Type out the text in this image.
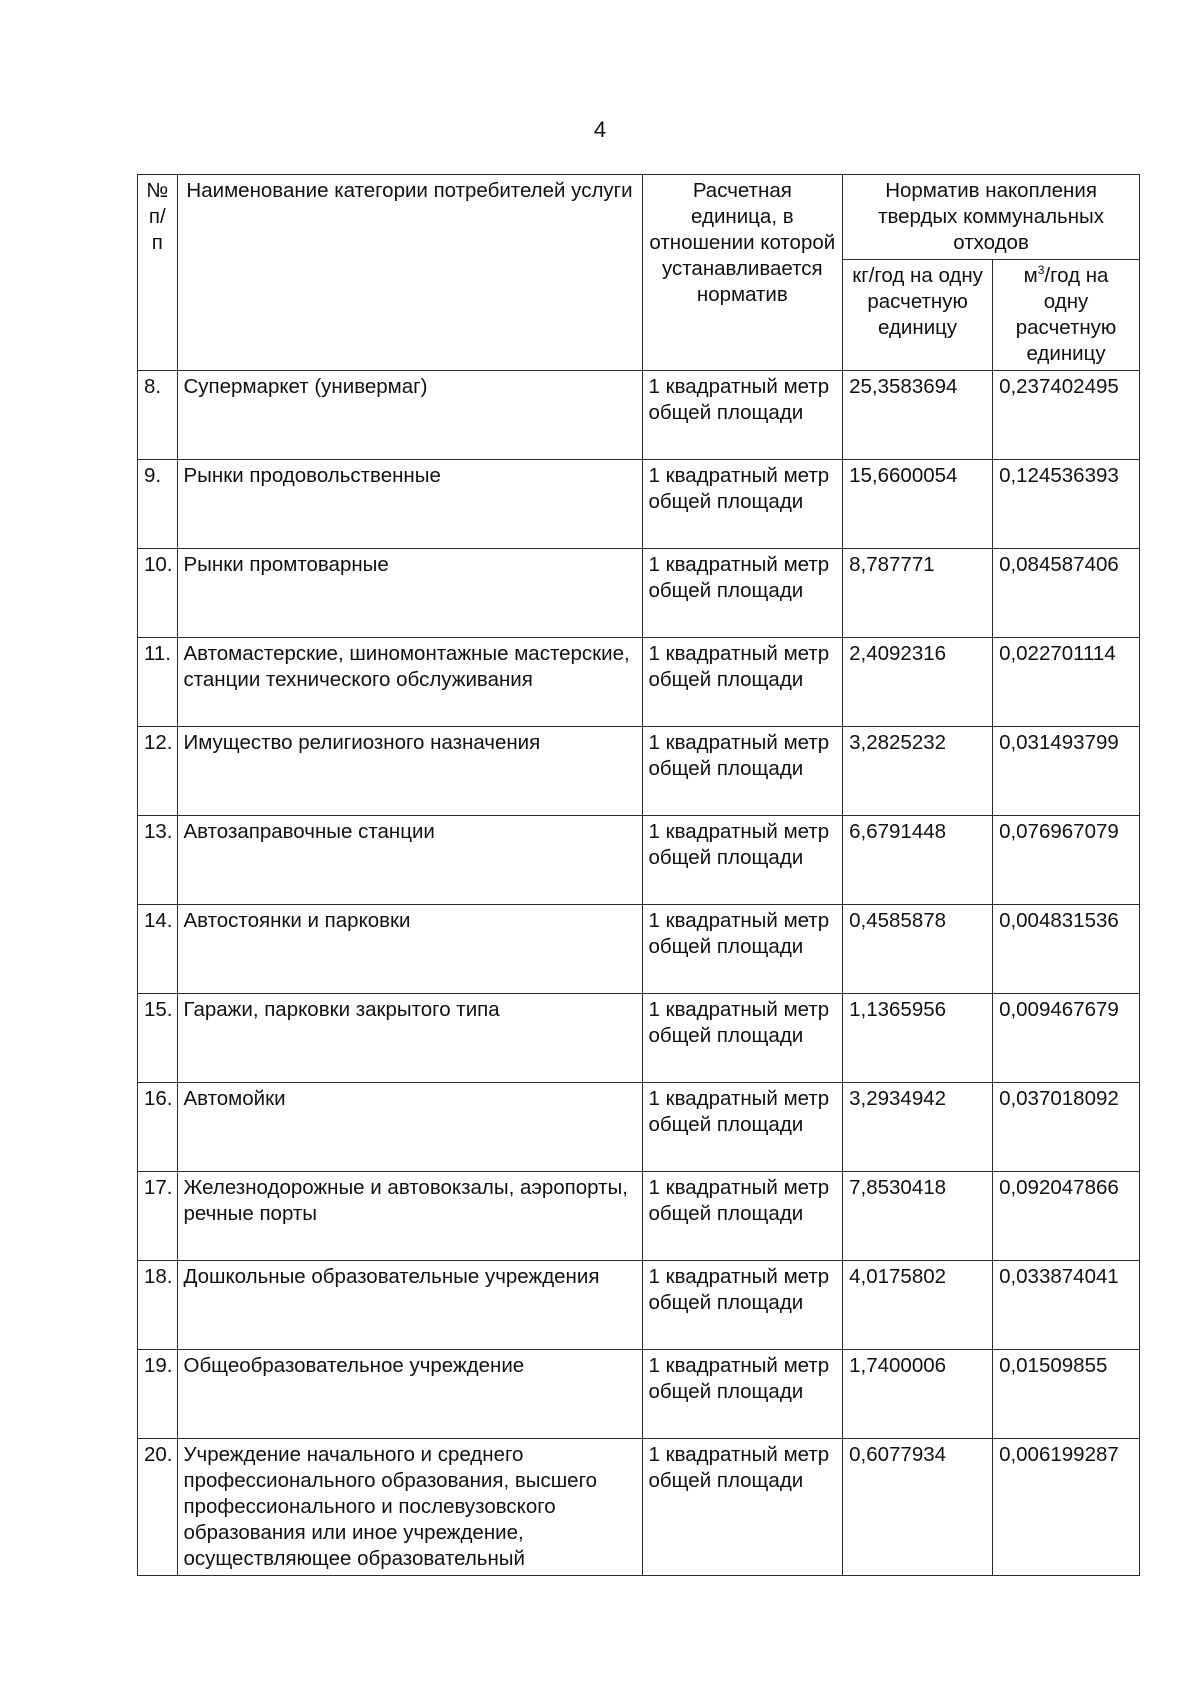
4
№ п/п	Наименование категории потребителей услуги	Расчетная единица, в отношении которой устанавливается норматив	Норматив накопления твердых коммунальных отходов	
			кг/год на одну расчетную единицу	$м^3$/год на одну расчетную единицу
8.	Супермаркет (универмаг)	1 квадратный метр общей площади	25,3583694	0,237402495
9.	Рынки продовольственные	1 квадратный метр общей площади	15,6600054	0,124536393
10.	Рынки промтоварные	1 квадратный метр общей площади	8,787771	0,084587406
11.	Автомастерские, шиномонтажные мастерские, станции технического обслуживания	1 квадратный метр общей площади	2,4092316	0,022701114
12.	Имущество религиозного назначения	1 квадратный метр общей площади	3,2825232	0,031493799
13.	Автозаправочные станции	1 квадратный метр общей площади	6,6791448	0,076967079
14.	Автостоянки и парковки	1 квадратный метр общей площади	0,4585878	0,004831536
15.	Гаражи, парковки закрытого типа	1 квадратный метр общей площади	1,1365956	0,009467679
16.	Автомойки	1 квадратный метр общей площади	3,2934942	0,037018092
17.	Железнодорожные и автовокзалы, аэропорты, речные порты	1 квадратный метр общей площади	7,8530418	0,092047866
18.	Дошкольные образовательные учреждения	1 квадратный метр общей площади	4,0175802	0,033874041
19.	Общеобразовательное учреждение	1 квадратный метр общей площади	1,7400006	0,01509855
20.	Учреждение начального и среднего профессионального образования, высшего профессионального и послевузовского образования или иное учреждение, осуществляющее образовательный	1 квадратный метр общей площади	0,6077934	0,006199287
